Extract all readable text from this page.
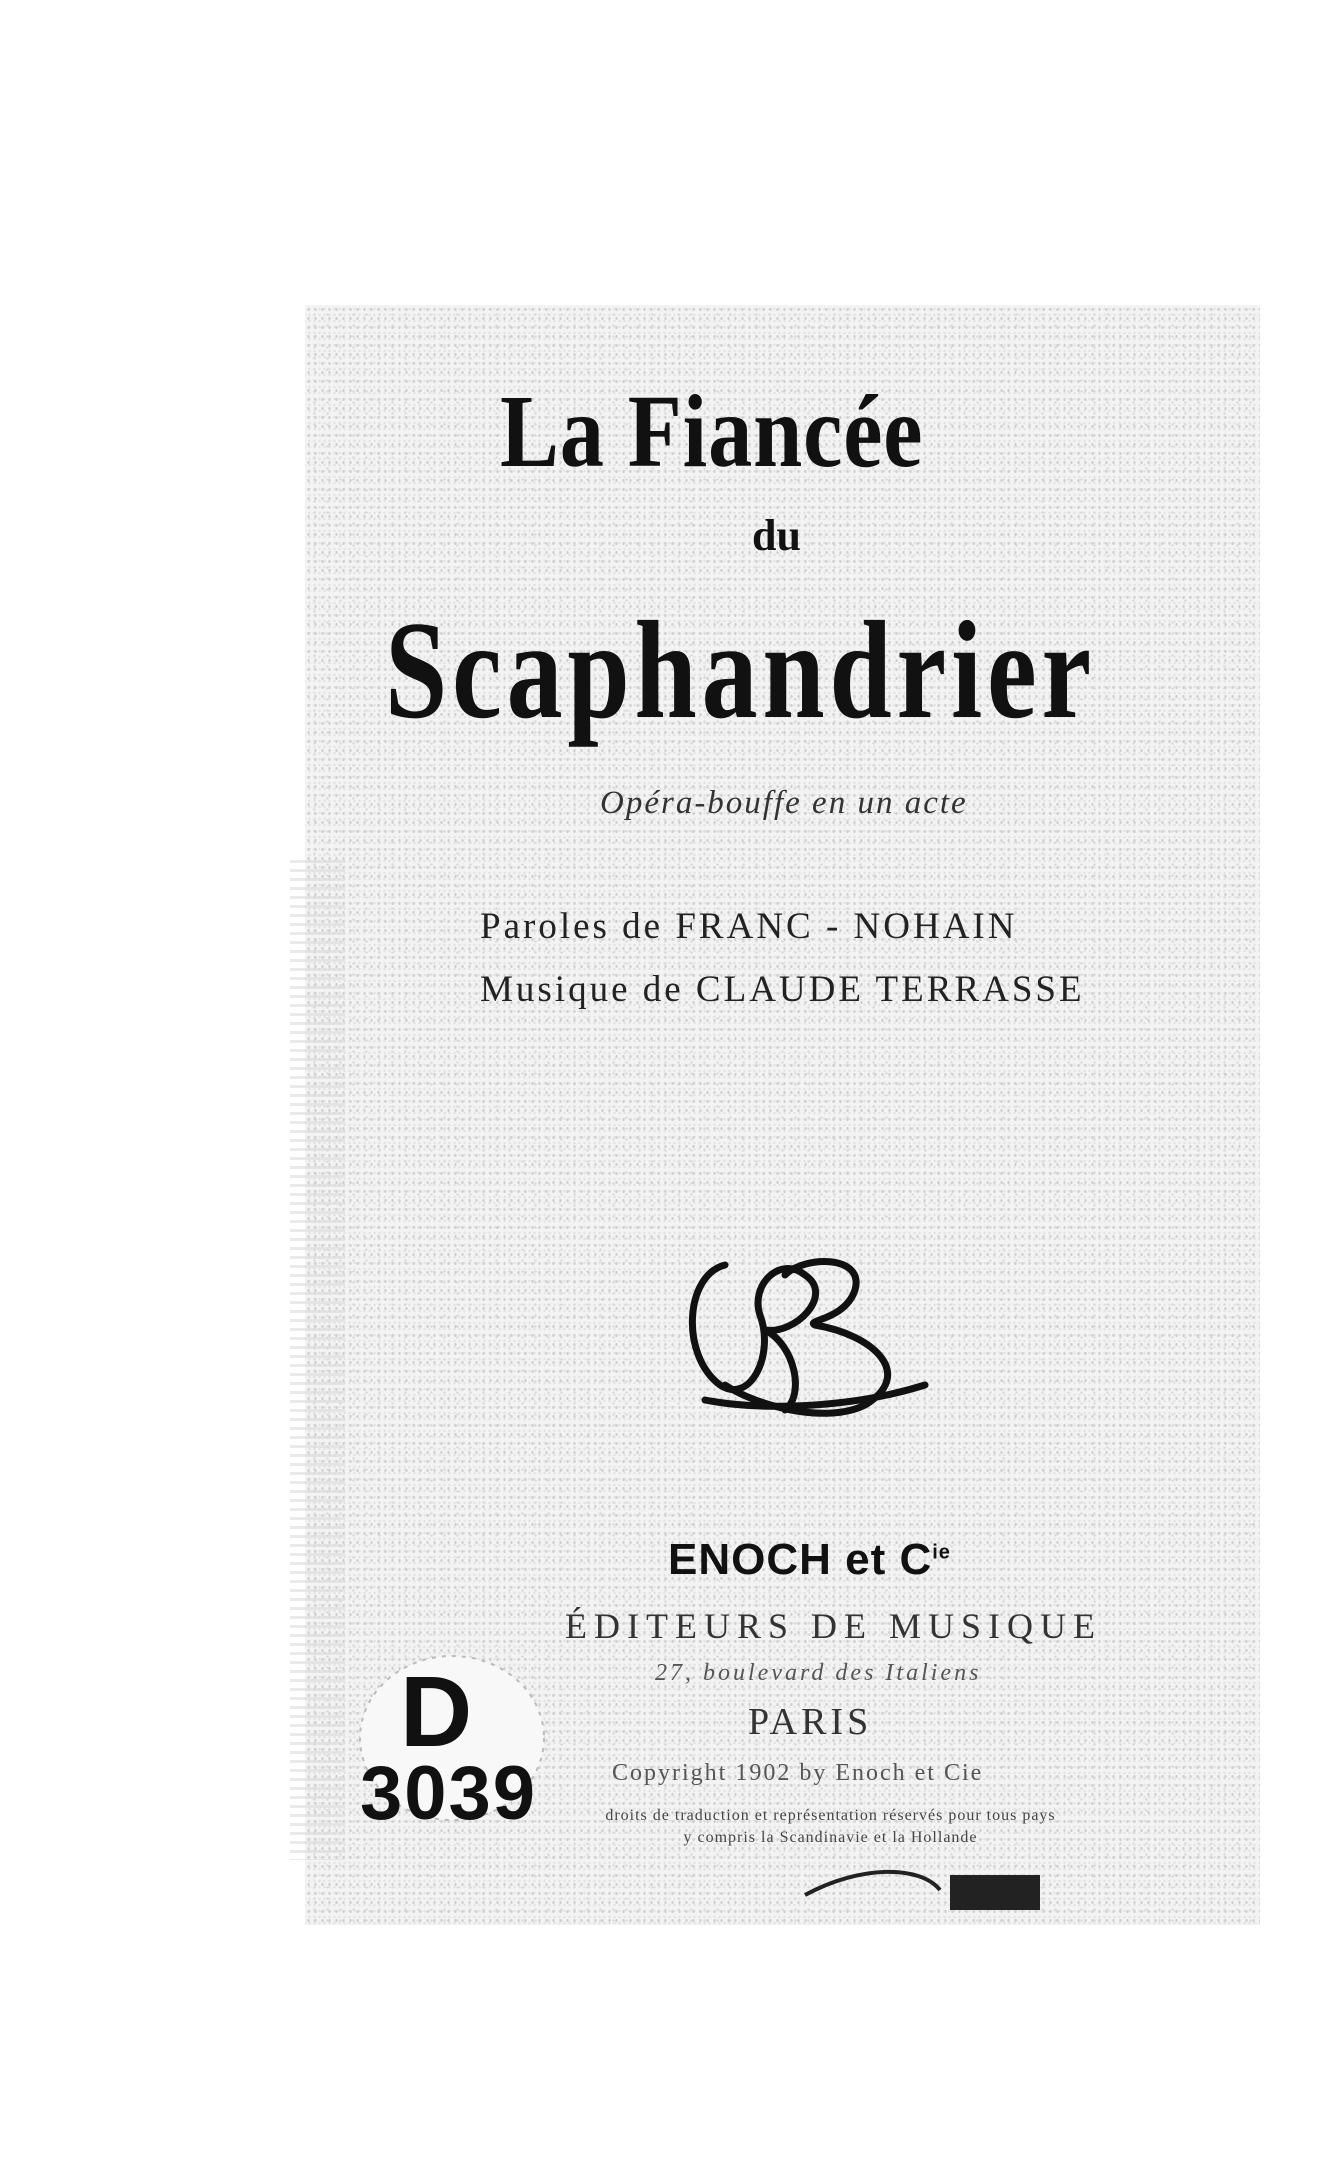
La Fiancée
du
Scaphandrier
Opéra-bouffe en un acte
Paroles de FRANC - NOHAIN
Musique de CLAUDE TERRASSE
ENOCH et $C^{ie}$
ÉDITEURS DE MUSIQUE
27, boulevard des Italiens
PARIS
Copyright 1902 by Enoch et Cie
droits de traduction et représentation réservés pour tous pays
y compris la Scandinavie et la Hollande
D
3039
